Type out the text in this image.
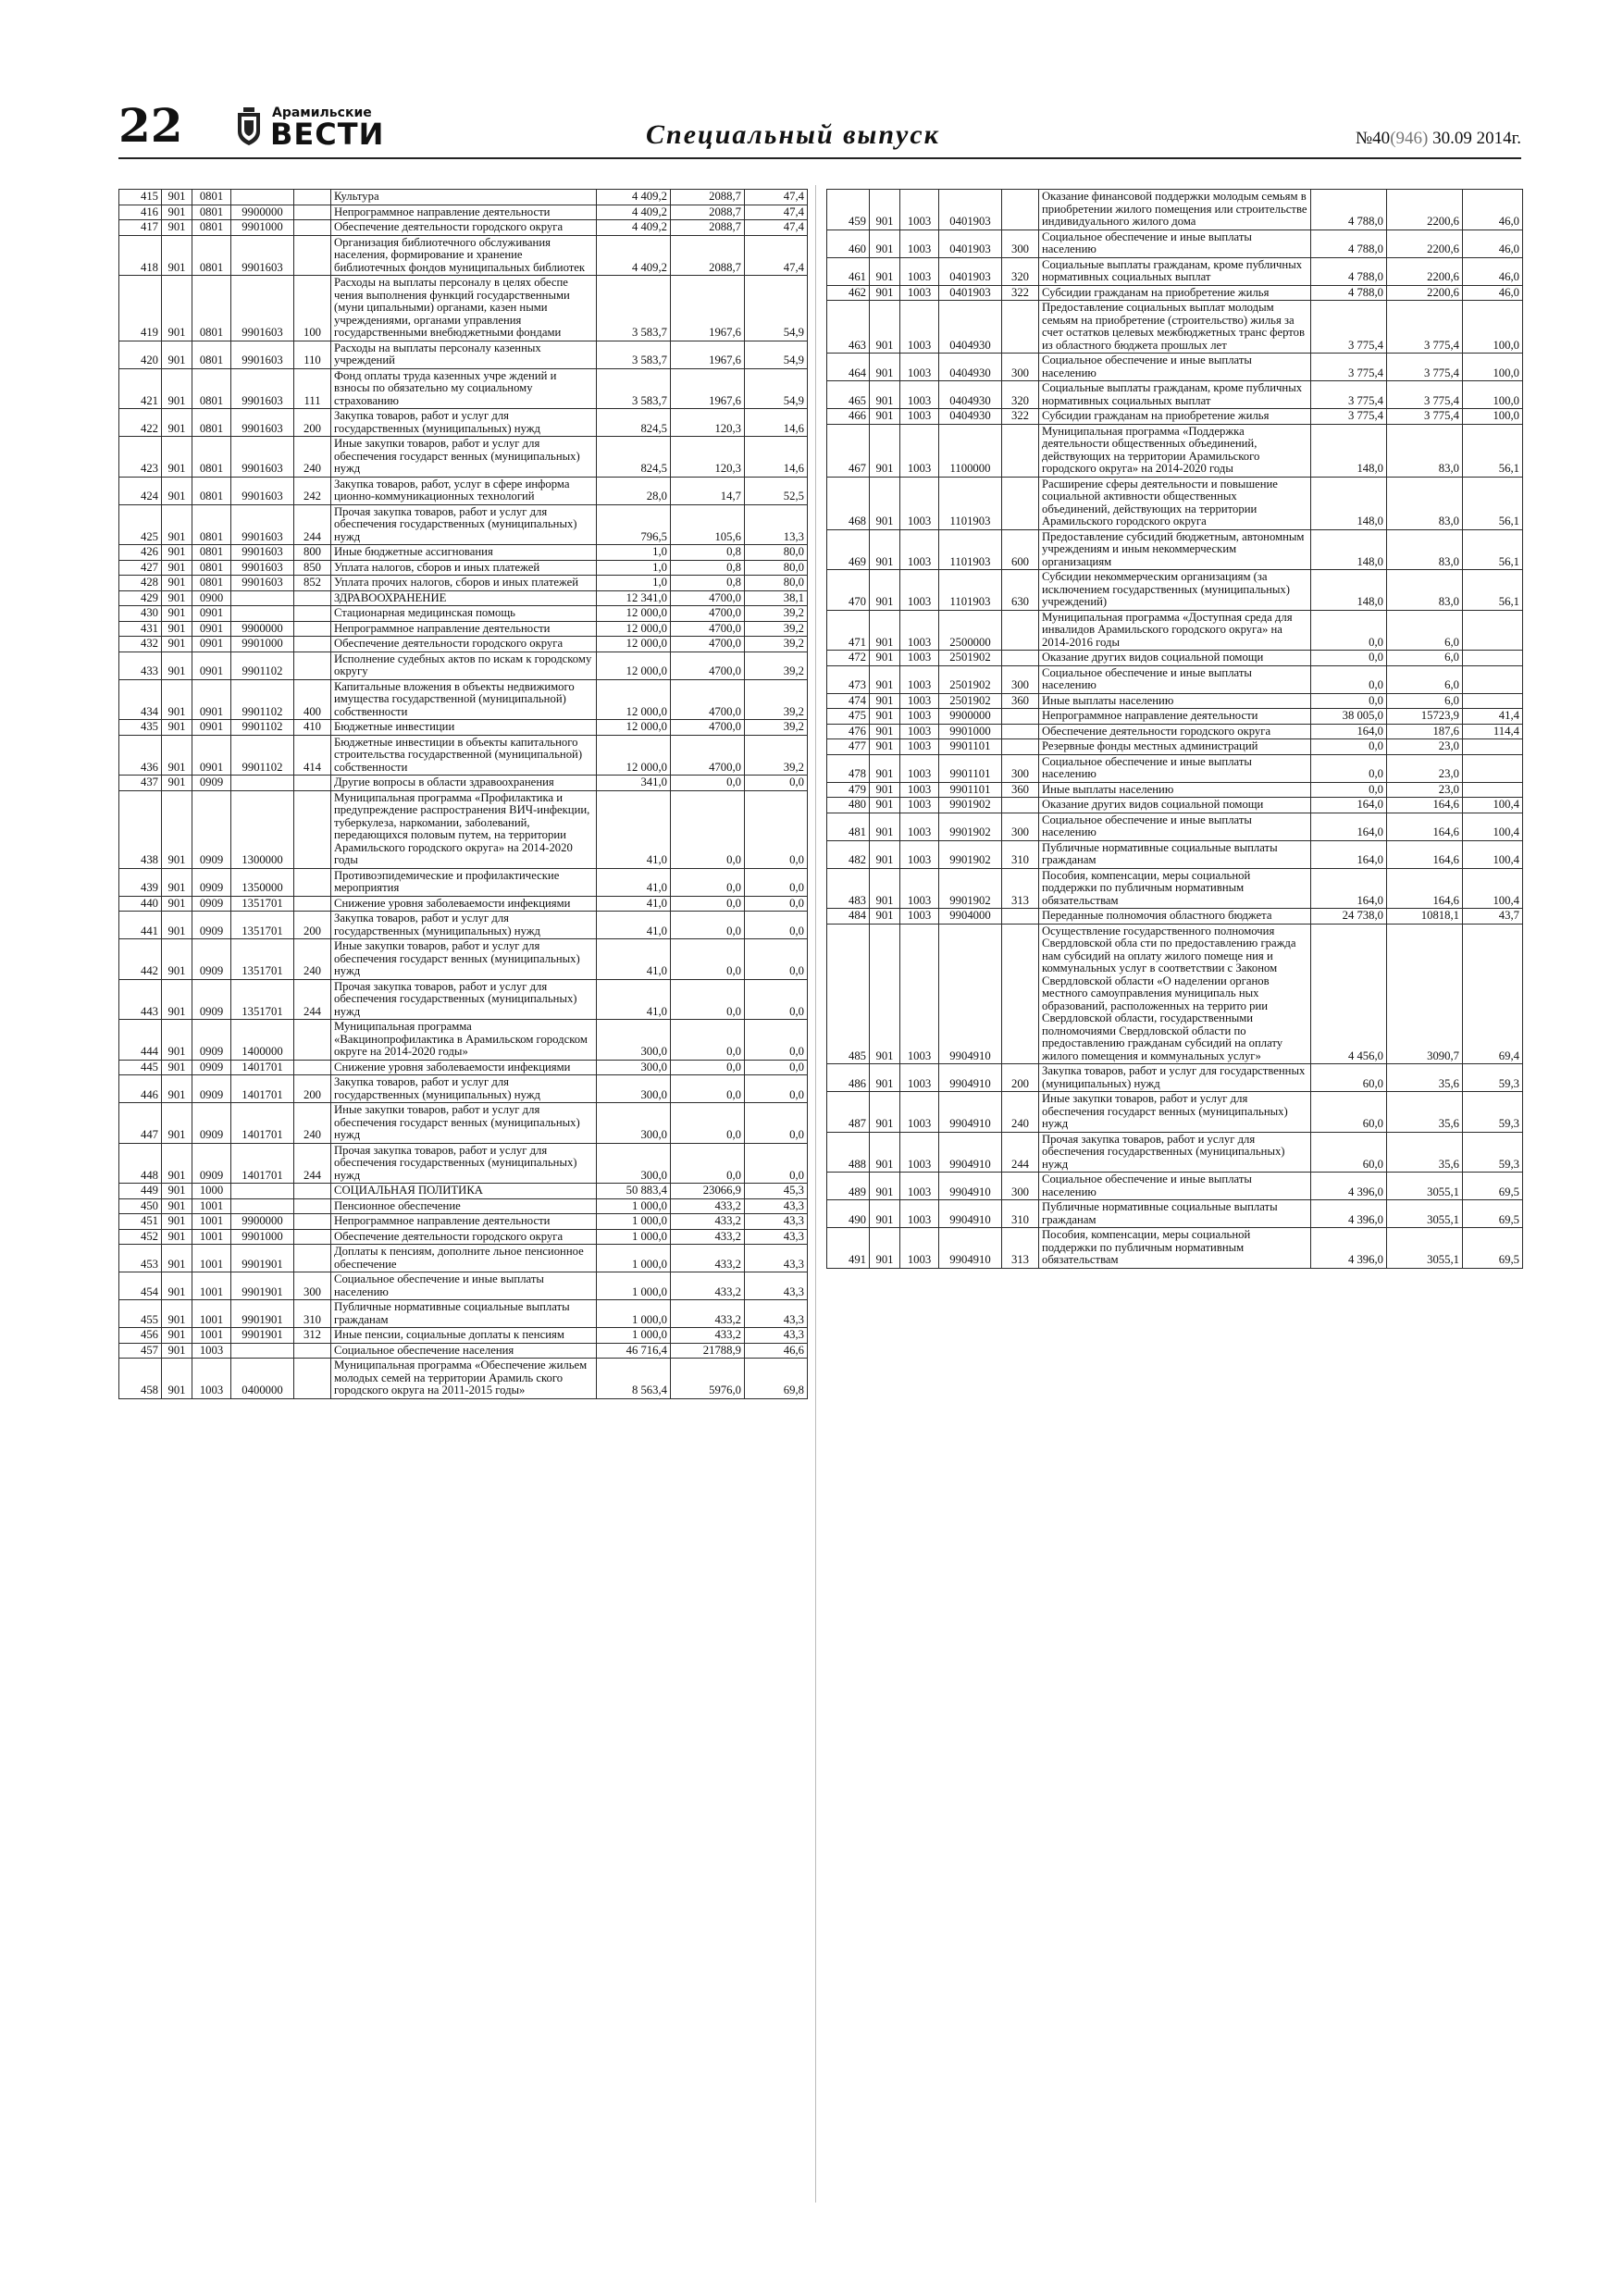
22	Арамильские
ВЕСТИ	Специальный выпуск	№40(946) 30.09 2014г.
415	901	0801			Культура	4 409,2	2088,7	47,4
416	901	0801	9900000		Непрограммное направление деятельности	4 409,2	2088,7	47,4
417	901	0801	9901000		Обеспечение деятельности городского округа	4 409,2	2088,7	47,4
418	901	0801	9901603		Организация библиотечного обслуживания населения, формирование и хранение библиотечных фондов муниципальных библиотек	4 409,2	2088,7	47,4
419	901	0801	9901603	100	Расходы на выплаты персоналу в целях обеспе чения выполнения функций государственными (муни ципальными) органами, казен ными учреждениями, органами управления государственными внебюджетными фондами	3 583,7	1967,6	54,9
420	901	0801	9901603	110	Расходы на выплаты персоналу казенных учреждений	3 583,7	1967,6	54,9
421	901	0801	9901603	111	Фонд оплаты труда казенных учре ждений и взносы по обязательно му социальному страхованию	3 583,7	1967,6	54,9
422	901	0801	9901603	200	Закупка товаров, работ и услуг для государственных (муниципальных) нужд	824,5	120,3	14,6
423	901	0801	9901603	240	Иные закупки товаров, работ и услуг для обеспечения государст венных (муниципальных) нужд	824,5	120,3	14,6
424	901	0801	9901603	242	Закупка товаров, работ, услуг в сфере информа ционно-коммуникационных технологий	28,0	14,7	52,5
425	901	0801	9901603	244	Прочая закупка товаров, работ и услуг для обеспечения государственных (муниципальных) нужд	796,5	105,6	13,3
426	901	0801	9901603	800	Иные бюджетные ассигнования	1,0	0,8	80,0
427	901	0801	9901603	850	Уплата налогов, сборов и иных платежей	1,0	0,8	80,0
428	901	0801	9901603	852	Уплата прочих налогов, сборов и иных платежей	1,0	0,8	80,0
429	901	0900			ЗДРАВООХРАНЕНИЕ	12 341,0	4700,0	38,1
430	901	0901			Стационарная медицинская помощь	12 000,0	4700,0	39,2
431	901	0901	9900000		Непрограммное направление деятельности	12 000,0	4700,0	39,2
432	901	0901	9901000		Обеспечение деятельности городского округа	12 000,0	4700,0	39,2
433	901	0901	9901102		Исполнение судебных актов по искам к городскому округу	12 000,0	4700,0	39,2
434	901	0901	9901102	400	Капитальные вложения в объекты недвижимого имущества государственной (муниципальной) собственности	12 000,0	4700,0	39,2
435	901	0901	9901102	410	Бюджетные инвестиции	12 000,0	4700,0	39,2
436	901	0901	9901102	414	Бюджетные инвестиции в объекты капитального строительства государственной (муниципальной) собственности	12 000,0	4700,0	39,2
437	901	0909			Другие вопросы в области здравоохранения	341,0	0,0	0,0
438	901	0909	1300000		Муниципальная программа «Профилактика и предупреждение распространения ВИЧ-инфекции, туберкулеза, наркомании, заболеваний, передающихся половым путем, на территории Арамильского городского округа» на 2014-2020 годы	41,0	0,0	0,0
439	901	0909	1350000		Противоэпидемические и профилактические мероприятия	41,0	0,0	0,0
440	901	0909	1351701		Снижение уровня заболеваемости инфекциями	41,0	0,0	0,0
441	901	0909	1351701	200	Закупка товаров, работ и услуг для государственных (муниципальных) нужд	41,0	0,0	0,0
442	901	0909	1351701	240	Иные закупки товаров, работ и услуг для обеспечения государст венных (муниципальных) нужд	41,0	0,0	0,0
443	901	0909	1351701	244	Прочая закупка товаров, работ и услуг для обеспечения государственных (муниципальных) нужд	41,0	0,0	0,0
444	901	0909	1400000		Муниципальная программа «Вакцинопрофилактика в Арамильском городском округе на 2014-2020 годы»	300,0	0,0	0,0
445	901	0909	1401701		Снижение уровня заболеваемости инфекциями	300,0	0,0	0,0
446	901	0909	1401701	200	Закупка товаров, работ и услуг для государственных (муниципальных) нужд	300,0	0,0	0,0
447	901	0909	1401701	240	Иные закупки товаров, работ и услуг для обеспечения государст венных (муниципальных) нужд	300,0	0,0	0,0
448	901	0909	1401701	244	Прочая закупка товаров, работ и услуг для обеспечения государственных (муниципальных) нужд	300,0	0,0	0,0
449	901	1000			СОЦИАЛЬНАЯ ПОЛИТИКА	50 883,4	23066,9	45,3
450	901	1001			Пенсионное обеспечение	1 000,0	433,2	43,3
451	901	1001	9900000		Непрограммное направление деятельности	1 000,0	433,2	43,3
452	901	1001	9901000		Обеспечение деятельности городского округа	1 000,0	433,2	43,3
453	901	1001	9901901		Доплаты к пенсиям, дополните льное пенсионное обеспечение	1 000,0	433,2	43,3
454	901	1001	9901901	300	Социальное обеспечение и иные выплаты населению	1 000,0	433,2	43,3
455	901	1001	9901901	310	Публичные нормативные социальные выплаты гражданам	1 000,0	433,2	43,3
456	901	1001	9901901	312	Иные пенсии, социальные доплаты к пенсиям	1 000,0	433,2	43,3
457	901	1003			Социальное обеспечение населения	46 716,4	21788,9	46,6
458	901	1003	0400000		Муниципальная программа «Обеспечение жильем молодых семей на территории Арамиль ского городского округа на 2011-2015 годы»	8 563,4	5976,0	69,8
459	901	1003	0401903		Оказание финансовой поддержки молодым семьям в приобретении жилого помещения или строительстве индивидуального жилого дома	4 788,0	2200,6	46,0
460	901	1003	0401903	300	Социальное обеспечение и иные выплаты населению	4 788,0	2200,6	46,0
461	901	1003	0401903	320	Социальные выплаты гражданам, кроме публичных нормативных социальных выплат	4 788,0	2200,6	46,0
462	901	1003	0401903	322	Субсидии гражданам на приобретение жилья	4 788,0	2200,6	46,0
463	901	1003	0404930		Предоставление социальных выплат молодым семьям на приобретение (строительство) жилья за счет остатков целевых межбюджетных транс фертов из областного бюджета прошлых лет	3 775,4	3 775,4	100,0
464	901	1003	0404930	300	Социальное обеспечение и иные выплаты населению	3 775,4	3 775,4	100,0
465	901	1003	0404930	320	Социальные выплаты гражданам, кроме публичных нормативных социальных выплат	3 775,4	3 775,4	100,0
466	901	1003	0404930	322	Субсидии гражданам на приобретение жилья	3 775,4	3 775,4	100,0
467	901	1003	1100000		Муниципальная программа «Поддержка деятельности общественных объединений, действующих на территории Арамильского городского округа» на 2014-2020 годы	148,0	83,0	56,1
468	901	1003	1101903		Расширение сферы деятельности и повышение социальной активности общественных объединений, действующих на территории Арамильского городского округа	148,0	83,0	56,1
469	901	1003	1101903	600	Предоставление субсидий бюджетным, автономным учреждениям и иным некоммерческим организациям	148,0	83,0	56,1
470	901	1003	1101903	630	Субсидии некоммерческим организациям (за исключением государственных (муниципальных) учреждений)	148,0	83,0	56,1
471	901	1003	2500000		Муниципальная программа «Доступная среда для инвалидов Арамильского городского округа» на 2014-2016 годы	0,0	6,0	
472	901	1003	2501902		Оказание других видов социальной помощи	0,0	6,0	
473	901	1003	2501902	300	Социальное обеспечение и иные выплаты населению	0,0	6,0	
474	901	1003	2501902	360	Иные выплаты населению	0,0	6,0	
475	901	1003	9900000		Непрограммное направление деятельности	38 005,0	15723,9	41,4
476	901	1003	9901000		Обеспечение деятельности городского округа	164,0	187,6	114,4
477	901	1003	9901101		Резервные фонды местных администраций	0,0	23,0	
478	901	1003	9901101	300	Социальное обеспечение и иные выплаты населению	0,0	23,0	
479	901	1003	9901101	360	Иные выплаты населению	0,0	23,0	
480	901	1003	9901902		Оказание других видов социальной помощи	164,0	164,6	100,4
481	901	1003	9901902	300	Социальное обеспечение и иные выплаты населению	164,0	164,6	100,4
482	901	1003	9901902	310	Публичные нормативные социальные выплаты гражданам	164,0	164,6	100,4
483	901	1003	9901902	313	Пособия, компенсации, меры социальной поддержки по публичным нормативным обязательствам	164,0	164,6	100,4
484	901	1003	9904000		Переданные полномочия областного бюджета	24 738,0	10818,1	43,7
485	901	1003	9904910		Осуществление государственного полномочия Свердловской обла сти по предоставлению гражда нам субсидий на оплату жилого помеще ния и коммунальных услуг в соответствии с Законом Свердловской области «О наделении органов местного самоуправления муниципаль ных образований, расположенных на террито рии Свердловской области, государственными полномочиями Свердловской области по предоставлению гражданам субсидий на оплату жилого помещения и коммунальных услуг»	4 456,0	3090,7	69,4
486	901	1003	9904910	200	Закупка товаров, работ и услуг для государственных (муниципальных) нужд	60,0	35,6	59,3
487	901	1003	9904910	240	Иные закупки товаров, работ и услуг для обеспечения государст венных (муниципальных) нужд	60,0	35,6	59,3
488	901	1003	9904910	244	Прочая закупка товаров, работ и услуг для обеспечения государственных (муниципальных) нужд	60,0	35,6	59,3
489	901	1003	9904910	300	Социальное обеспечение и иные выплаты населению	4 396,0	3055,1	69,5
490	901	1003	9904910	310	Публичные нормативные социальные выплаты гражданам	4 396,0	3055,1	69,5
491	901	1003	9904910	313	Пособия, компенсации, меры социальной поддержки по публичным нормативным обязательствам	4 396,0	3055,1	69,5
